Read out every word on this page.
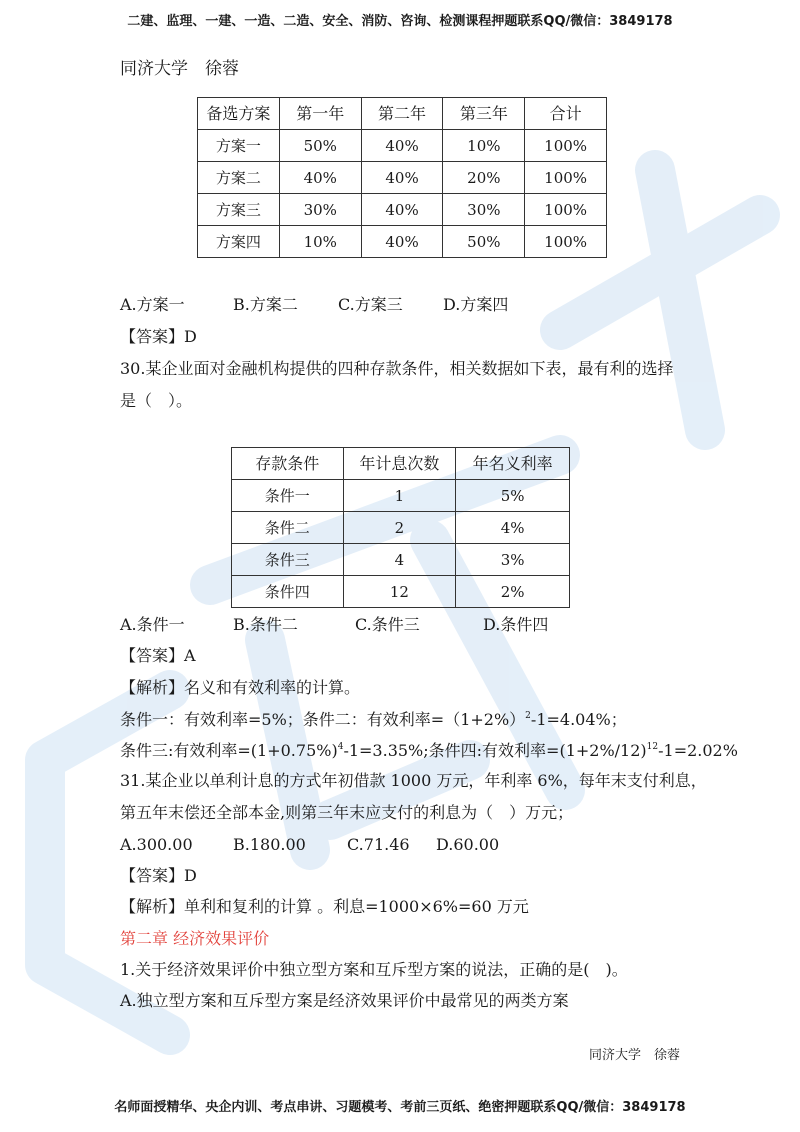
二建、监理、一建、一造、二造、安全、消防、咨询、检测课程押题联系QQ/微信：3849178
同济大学　徐蓉
备选方案	第一年	第二年	第三年	合计
方案一	50%	40%	10%	100%
方案二	40%	40%	20%	100%
方案三	30%	40%	30%	100%
方案四	10%	40%	50%	100%
A.方案一	B.方案二	C.方案三	D.方案四
【答案】D
30.某企业面对金融机构提供的四种存款条件，相关数据如下表，最有利的选择
是（　）。
存款条件	年计息次数	年名义利率
条件一	1	5%
条件二	2	4%
条件三	4	3%
条件四	12	2%
A.条件一	B.条件二	C.条件三	D.条件四
【答案】A
【解析】名义和有效利率的计算。
条件一：有效利率=5%；条件二：有效利率$=(1+2\%)^2-1=4.04\%$；
条件三:有效利率$=(1+0.75\%)^4-1=3.35\%$;条件四:有效利率$=(1+2\%/12)^{12}-1=2.02\%$
31.某企业以单利计息的方式年初借款 1000 万元，年利率 6%，每年末支付利息，
第五年末偿还全部本金,则第三年末应支付的利息为（　）万元；
A.300.00	B.180.00	C.71.46 D.60.00
【答案】D
【解析】单利和复利的计算 。利息=1000×6%=60 万元
第二章 经济效果评价
1.关于经济效果评价中独立型方案和互斥型方案的说法，正确的是(　)。
A.独立型方案和互斥型方案是经济效果评价中最常见的两类方案
同济大学　徐蓉
名师面授精华、央企内训、考点串讲、习题模考、考前三页纸、绝密押题联系QQ/微信：3849178
